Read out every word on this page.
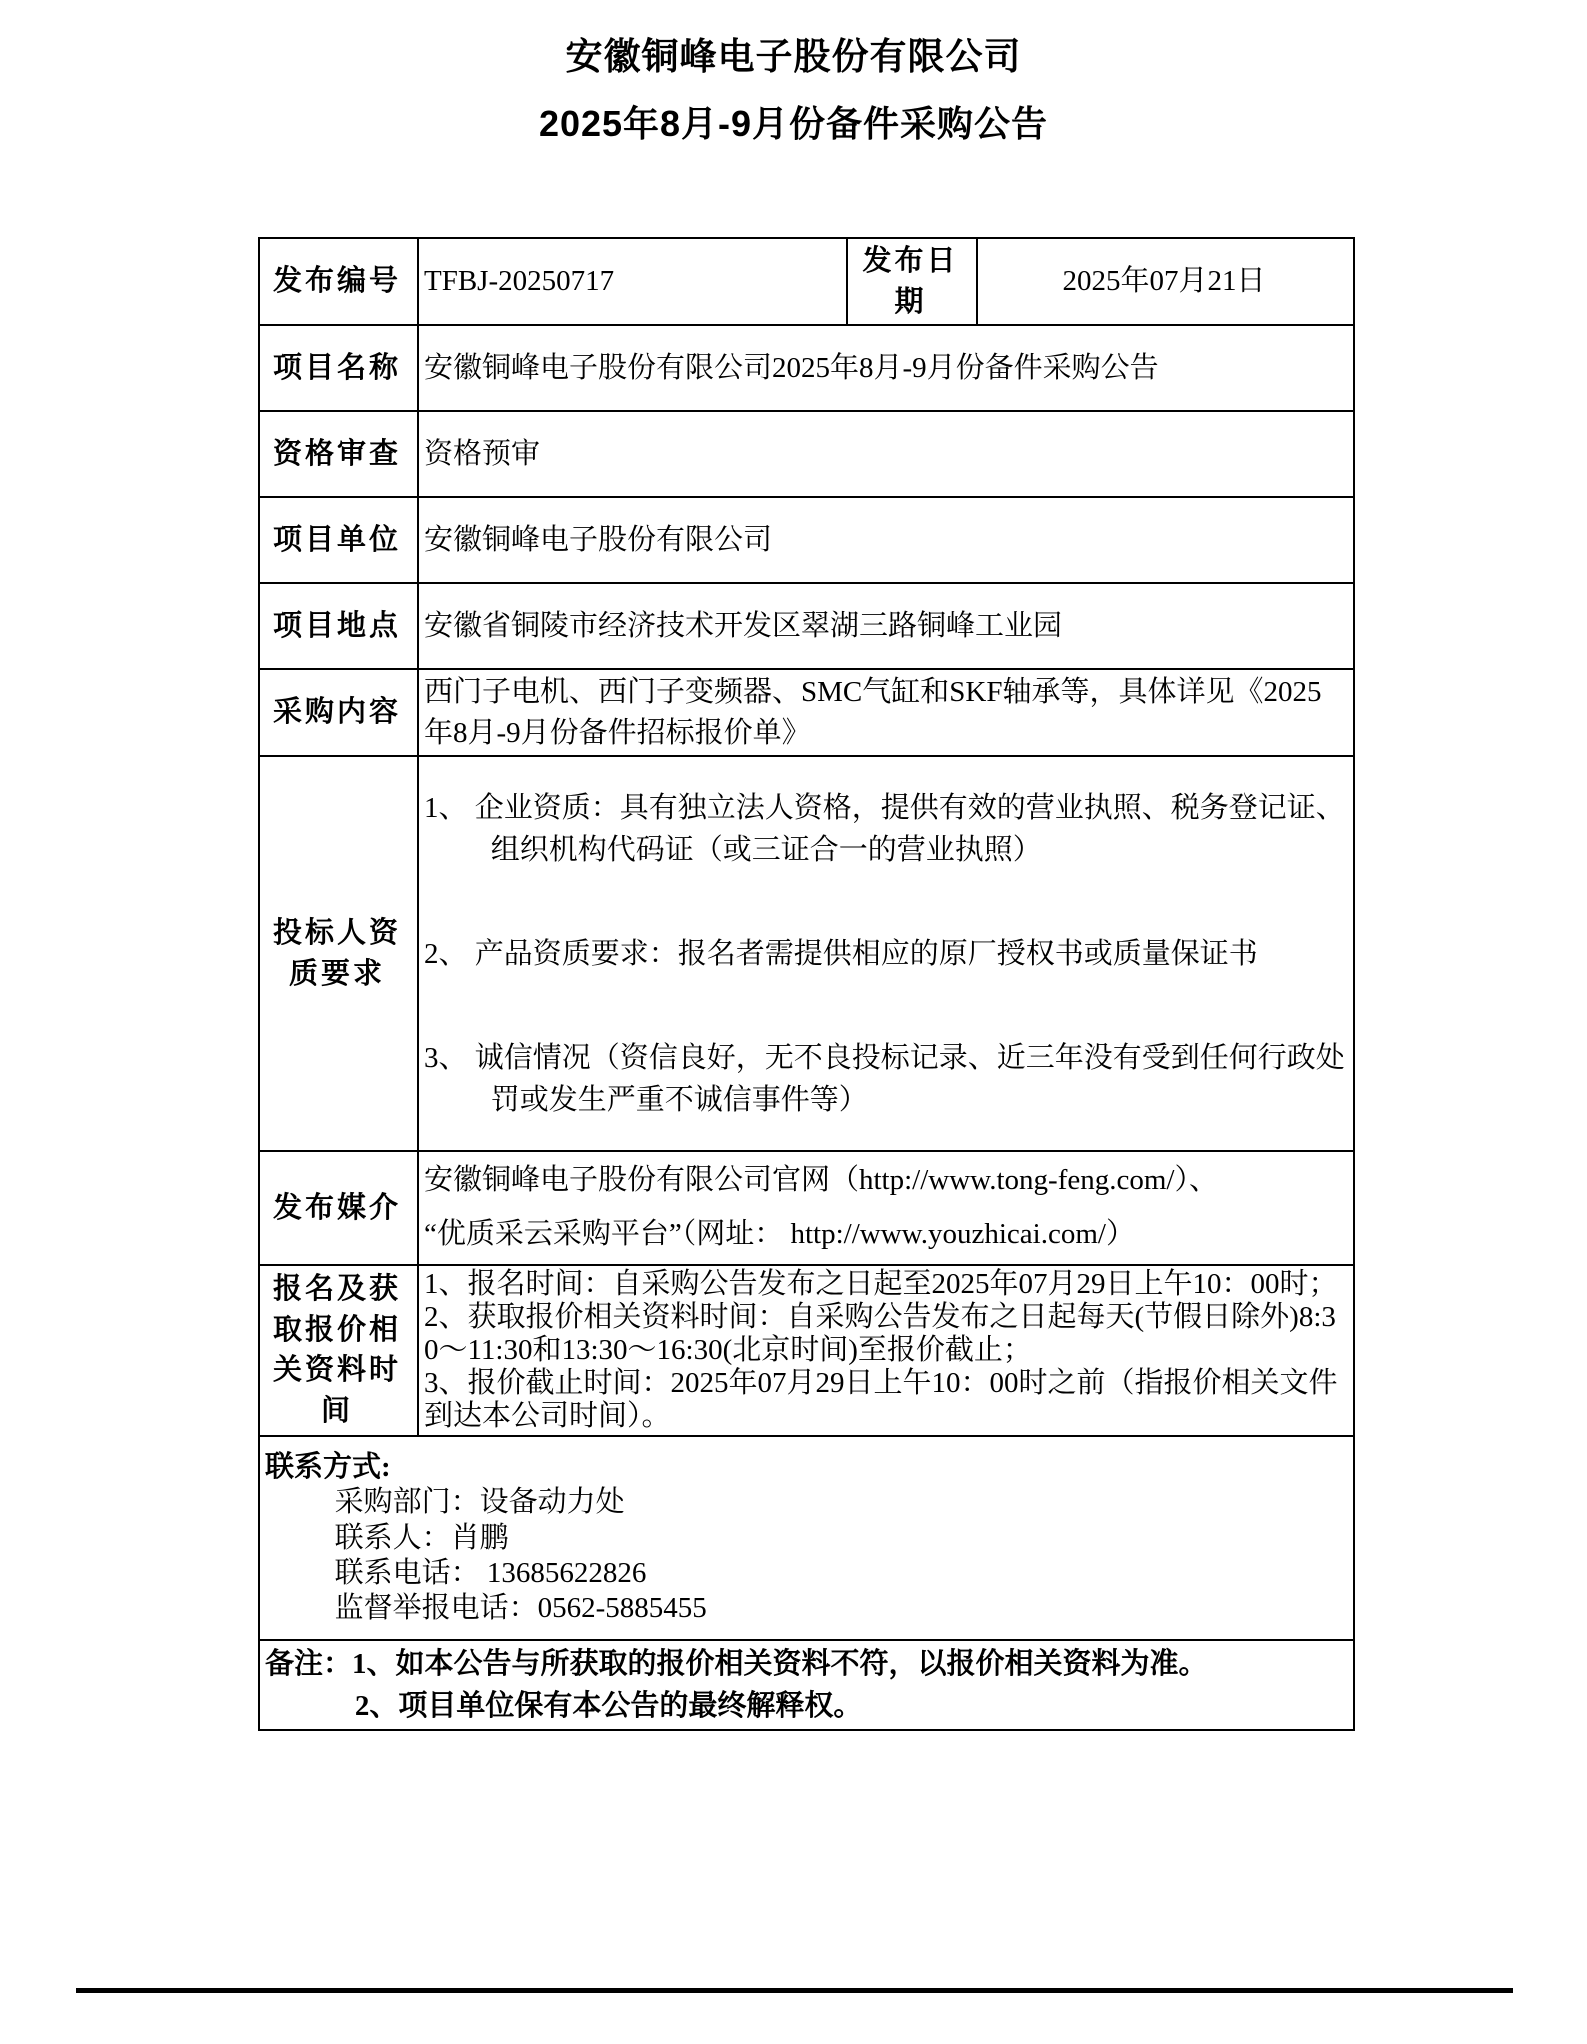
安徽铜峰电子股份有限公司
2025年8月-9月份备件采购公告
发布编号	TFBJ-20250717	发布日期	2025年07月21日
项目名称	安徽铜峰电子股份有限公司2025年8月-9月份备件采购公告		
资格审查	资格预审		
项目单位	安徽铜峰电子股份有限公司		
项目地点	安徽省铜陵市经济技术开发区翠湖三路铜峰工业园		
采购内容	西门子电机、西门子变频器、SMC气缸和SKF轴承等，具体详见《2025年8月-9月份备件招标报价单》		
投标人资质要求	1、 企业资质：具有独立法人资格，提供有效的营业执照、税务登记证、组织机构代码证（或三证合一的营业执照）

2、 产品资质要求：报名者需提供相应的原厂授权书或质量保证书

3、 诚信情况（资信良好，无不良投标记录、近三年没有受到任何行政处罚或发生严重不诚信事件等）		

发布媒介	安徽铜峰电子股份有限公司官网（http://www.tong-feng.com/）、
“优质采云采购平台”（网址： http://www.youzhicai.com/）		

报名及获取报价相关资料时间	1、报名时间：自采购公告发布之日起至2025年07月29日上午10：00时；
2、获取报价相关资料时间：自采购公告发布之日起每天(节假日除外)8:30～11:30和13:30～16:30(北京时间)至报价截止；
3、报价截止时间：2025年07月29日上午10：00时之前（指报价相关文件到达本公司时间）。		

联系方式:
采购部门：设备动力处
联系人：肖鹏
联系电话： 13685622826
监督举报电话：0562-5885455			

备注：1、如本公告与所获取的报价相关资料不符，以报价相关资料为准。
2、项目单位保有本公告的最终解释权。			
